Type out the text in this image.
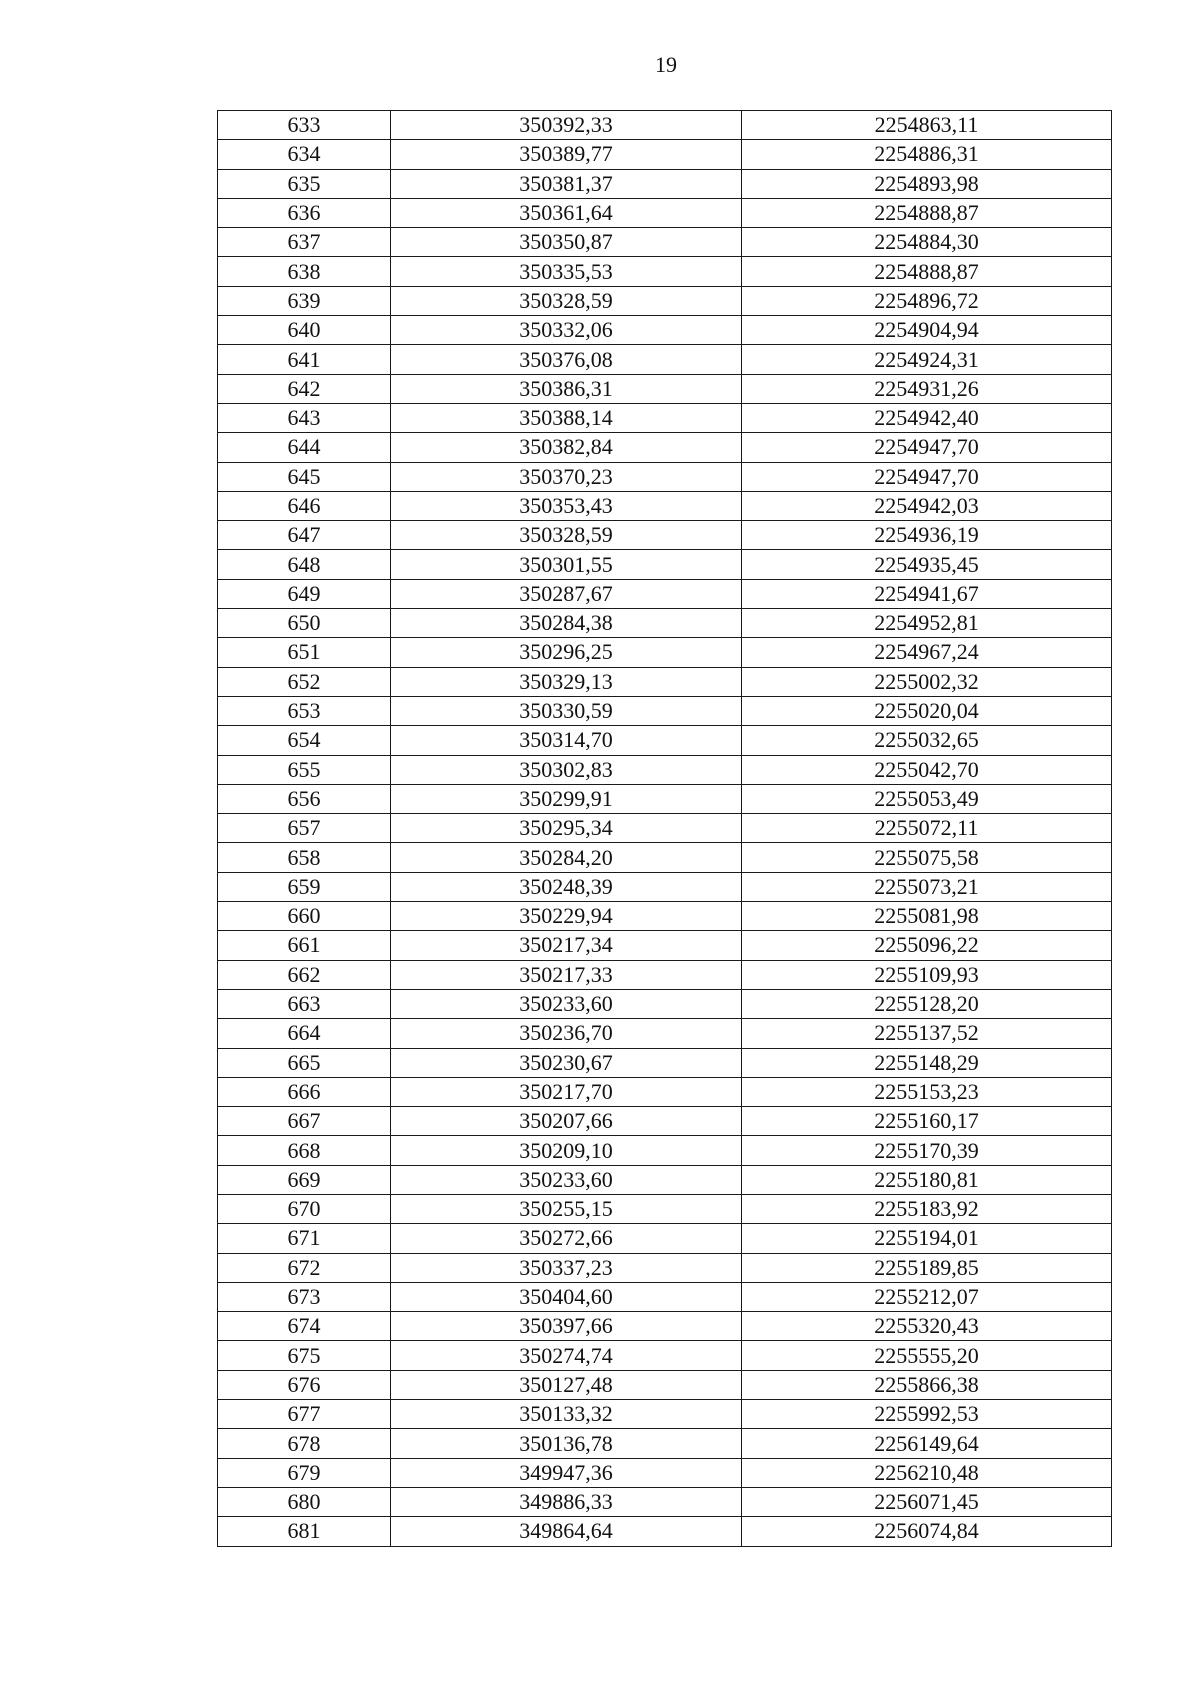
19
633	350392,33	2254863,11
634	350389,77	2254886,31
635	350381,37	2254893,98
636	350361,64	2254888,87
637	350350,87	2254884,30
638	350335,53	2254888,87
639	350328,59	2254896,72
640	350332,06	2254904,94
641	350376,08	2254924,31
642	350386,31	2254931,26
643	350388,14	2254942,40
644	350382,84	2254947,70
645	350370,23	2254947,70
646	350353,43	2254942,03
647	350328,59	2254936,19
648	350301,55	2254935,45
649	350287,67	2254941,67
650	350284,38	2254952,81
651	350296,25	2254967,24
652	350329,13	2255002,32
653	350330,59	2255020,04
654	350314,70	2255032,65
655	350302,83	2255042,70
656	350299,91	2255053,49
657	350295,34	2255072,11
658	350284,20	2255075,58
659	350248,39	2255073,21
660	350229,94	2255081,98
661	350217,34	2255096,22
662	350217,33	2255109,93
663	350233,60	2255128,20
664	350236,70	2255137,52
665	350230,67	2255148,29
666	350217,70	2255153,23
667	350207,66	2255160,17
668	350209,10	2255170,39
669	350233,60	2255180,81
670	350255,15	2255183,92
671	350272,66	2255194,01
672	350337,23	2255189,85
673	350404,60	2255212,07
674	350397,66	2255320,43
675	350274,74	2255555,20
676	350127,48	2255866,38
677	350133,32	2255992,53
678	350136,78	2256149,64
679	349947,36	2256210,48
680	349886,33	2256071,45
681	349864,64	2256074,84
